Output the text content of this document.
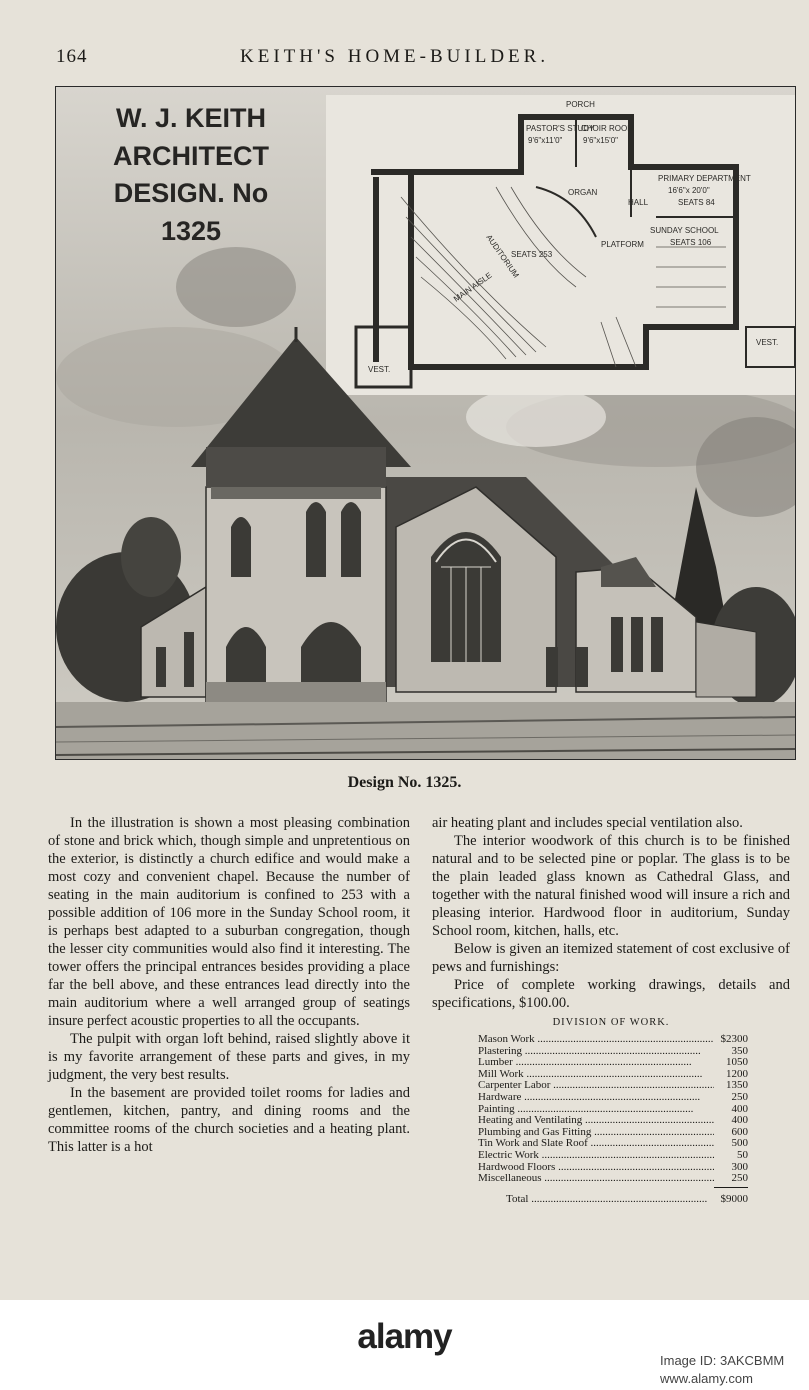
164	KEITH'S HOME-BUILDER.
PORCH
PASTOR'S STUDY
9'6"x11'0"
CHOIR ROOM
9'6"x15'0"
PRIMARY DEPARTMENT
16'6"x 20'0"
SEATS 84
HALL
ORGAN
SUNDAY SCHOOL
SEATS 106
AUDITORIUM
SEATS 253
MAIN AISLE
PLATFORM
VEST.
VEST.
W. J. KEITH
ARCHITECT
DESIGN. No
1325
Design No. 1325.

In the illustration is shown a most pleasing combination of stone and brick which, though simple and unpretentious on the exterior, is distinctly a church edifice and would make a most cozy and convenient chapel. Because the number of seating in the main auditorium is confined to 253 with a possible addition of 106 more in the Sunday School room, it is perhaps best adapted to a suburban congregation, though the lesser city communities would also find it interesting. The tower offers the principal entrances besides providing a place far the bell above, and these entrances lead directly into the main auditorium where a well arranged group of seatings insure perfect acoustic properties to all the occupants.

The pulpit with organ loft behind, raised slightly above it is my favorite arrangement of these parts and gives, in my judgment, the very best results.

In the basement are provided toilet rooms for ladies and gentlemen, kitchen, pantry, and dining rooms and the committee rooms of the church societies and a heating plant. This latter is a hot

air heating plant and includes special ventilation also.

The interior woodwork of this church is to be finished natural and to be selected pine or poplar. The glass is to be the plain leaded glass known as Cathedral Glass, and together with the natural finished wood will insure a rich and pleasing interior. Hardwood floor in auditorium, Sunday School room, kitchen, halls, etc.

Below is given an itemized statement of cost exclusive of pews and furnishings:

Price of complete working drawings, details and specifications, $100.00.

DIVISION OF WORK.
Mason Work .....	$2300
Plastering .....	350
Lumber .....	1050
Mill Work .....	1200
Carpenter Labor .....	1350
Hardware .....	250
Painting .....	400
Heating and Ventilating .....	400
Plumbing and Gas Fitting .....	600
Tin Work and Slate Roof .....	500
Electric Work .....	50
Hardwood Floors .....	300
Miscellaneous .....	250
Total .....	$9000
alamy
Image ID: 3AKCBMM
www.alamy.com
